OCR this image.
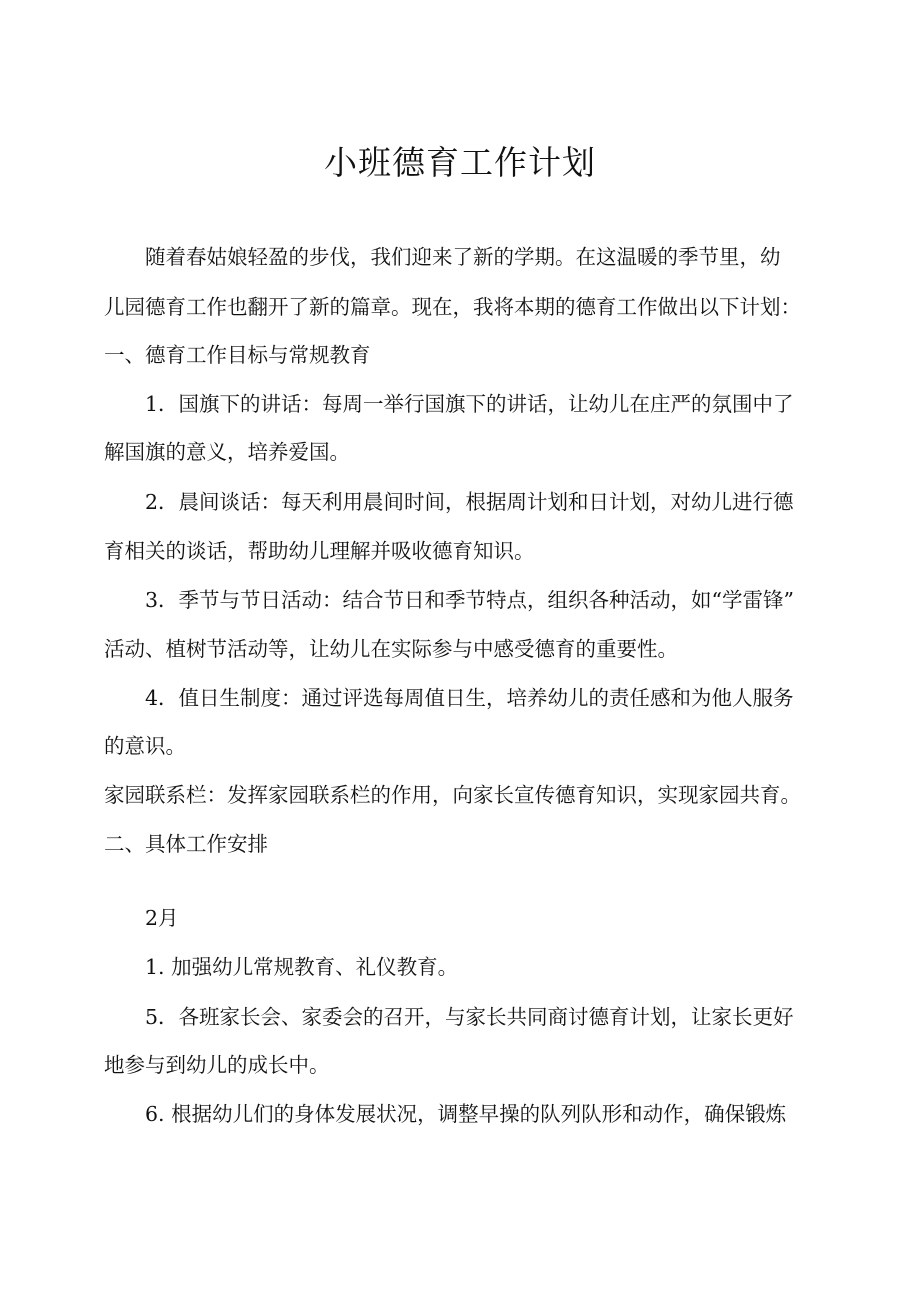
小班德育工作计划

随着春姑娘轻盈的步伐，我们迎来了新的学期。在这温暖的季节里，幼

儿园德育工作也翻开了新的篇章。现在，我将本期的德育工作做出以下计划：

一、德育工作目标与常规教育

1．国旗下的讲话：每周一举行国旗下的讲话，让幼儿在庄严的氛围中了

解国旗的意义，培养爱国。

2．晨间谈话：每天利用晨间时间，根据周计划和日计划，对幼儿进行德

育相关的谈话，帮助幼儿理解并吸收德育知识。

3．季节与节日活动：结合节日和季节特点，组织各种活动，如“学雷锋”

活动、植树节活动等，让幼儿在实际参与中感受德育的重要性。

4．值日生制度：通过评选每周值日生，培养幼儿的责任感和为他人服务

的意识。

家园联系栏：发挥家园联系栏的作用，向家长宣传德育知识，实现家园共育。

二、具体工作安排

2月

1. 加强幼儿常规教育、礼仪教育。

5．各班家长会、家委会的召开，与家长共同商讨德育计划，让家长更好

地参与到幼儿的成长中。

6. 根据幼儿们的身体发展状况，调整早操的队列队形和动作，确保锻炼
